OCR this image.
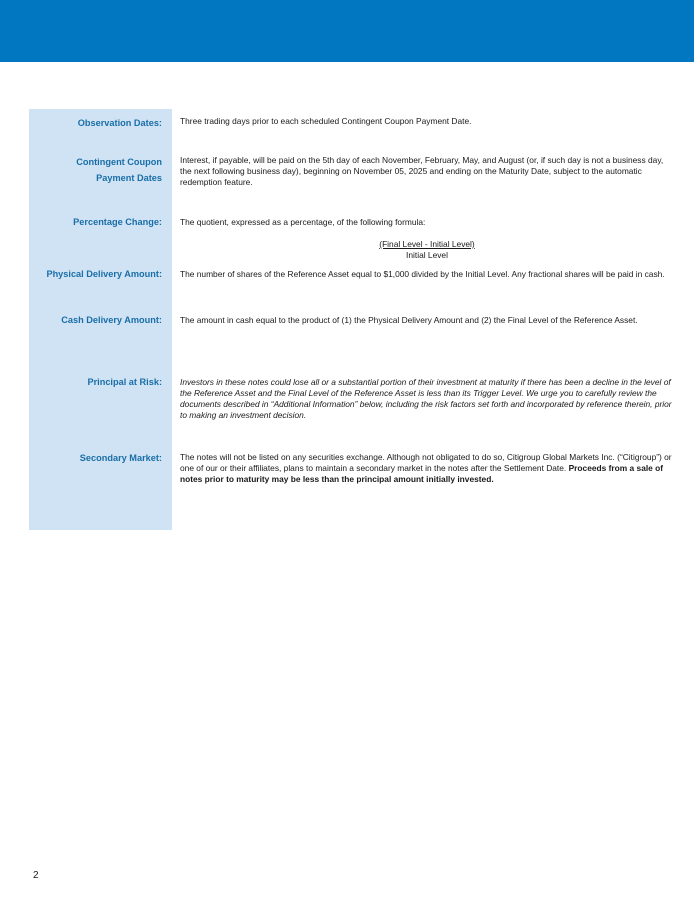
Observation Dates: Three trading days prior to each scheduled Contingent Coupon Payment Date.
Contingent Coupon
Payment Dates
Interest, if payable, will be paid on the 5th day of each November, February, May, and August (or, if such day is not a business day, the next following business day), beginning on November 05, 2025 and ending on the Maturity Date, subject to the automatic redemption feature.
Percentage Change: The quotient, expressed as a percentage, of the following formula:
(Final Level - Initial Level)
Initial Level
Physical Delivery Amount: The number of shares of the Reference Asset equal to $1,000 divided by the Initial Level. Any fractional shares will be paid in cash.
Cash Delivery Amount: The amount in cash equal to the product of (1) the Physical Delivery Amount and (2) the Final Level of the Reference Asset.
Principal at Risk: Investors in these notes could lose all or a substantial portion of their investment at maturity if there has been a decline in the level of the Reference Asset and the Final Level of the Reference Asset is less than its Trigger Level. We urge you to carefully review the documents described in “Additional Information” below, including the risk factors set forth and incorporated by reference therein, prior to making an investment decision.
Secondary Market: The notes will not be listed on any securities exchange. Although not obligated to do so, Citigroup Global Markets Inc. (“Citigroup”) or one of our or their affiliates, plans to maintain a secondary market in the notes after the Settlement Date. Proceeds from a sale of notes prior to maturity may be less than the principal amount initially invested.
2
